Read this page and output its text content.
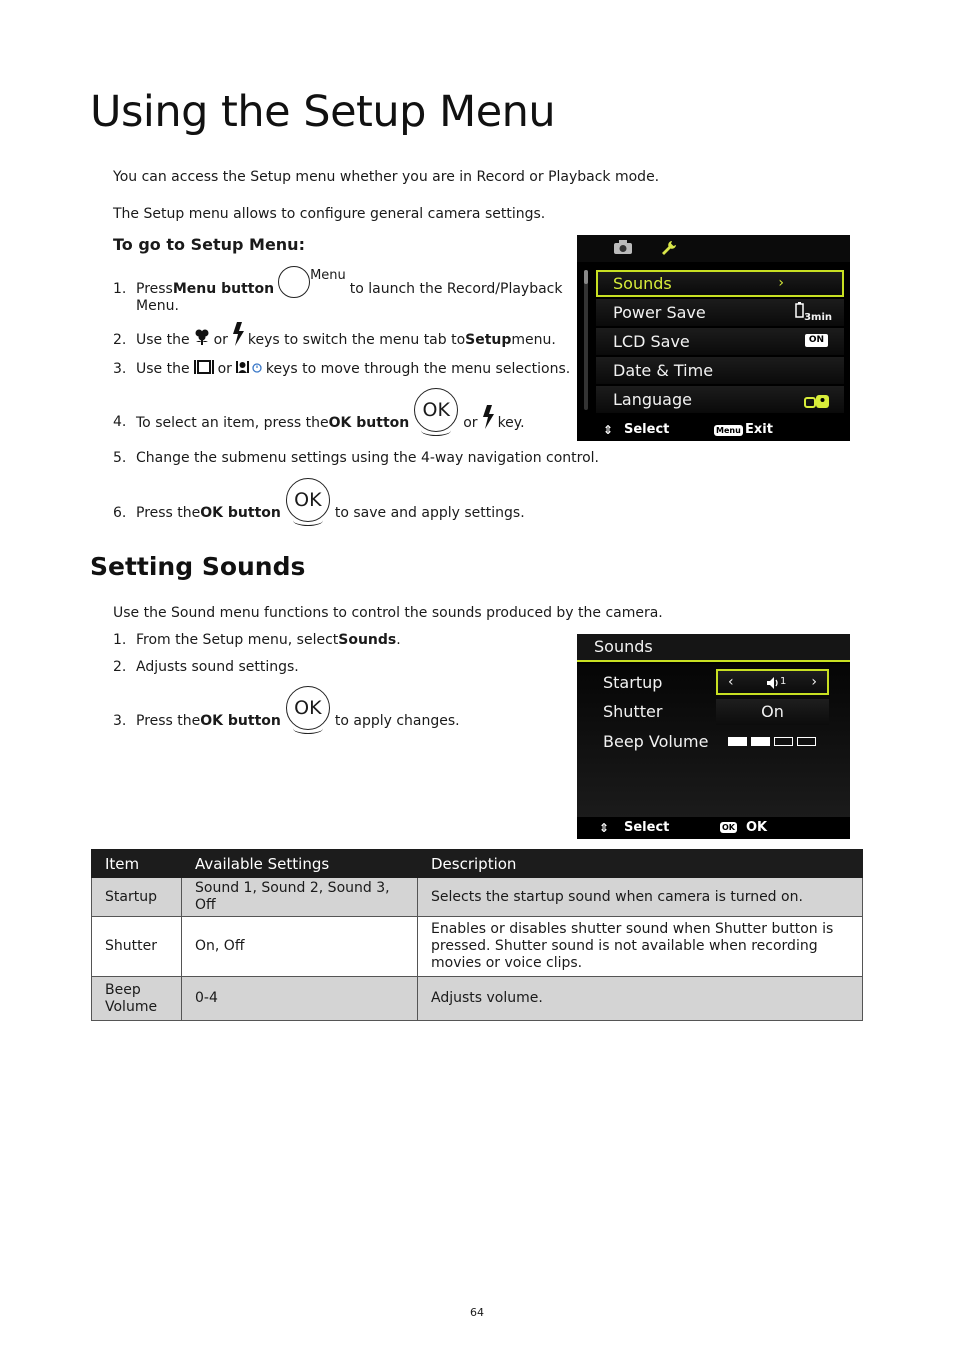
Using the Setup Menu
You can access the Setup menu whether you are in Record or Playback mode.
The Setup menu allows to configure general camera settings.
To go to Setup Menu:
1. Press Menu button
Menu
to launch the Record/Playback
Menu.
2. Use the or keys to switch the menu tab to Setup menu.
3. Use the or keys to move through the menu selections.
4. To select an item, press the OK button
OK
or key.
5. Change the submenu settings using the 4-way navigation control.
6. Press the OK button
OK
to save and apply settings.
Sounds	›
Power Save	$_{3min}$
LCD Save	ON
Date & Time
Language
⇕ Select	Menu Exit
Setting Sounds
Use the Sound menu functions to control the sounds produced by the camera.
1. From the Setup menu, select Sounds .
2. Adjusts sound settings.
3. Press the OK button
OK
to apply changes.
Sounds
Startup	‹	1 ›
Shutter	On
Beep Volume
⇕ Select	OK OK
Item	Available Settings	Description
Startup	Sound 1, Sound 2, Sound 3, Off	Selects the startup sound when camera is turned on.
Shutter	On, Off	Enables or disables shutter sound when Shutter button is pressed. Shutter sound is not available when recording movies or voice clips.
Beep Volume	0-4	Adjusts volume.
64
